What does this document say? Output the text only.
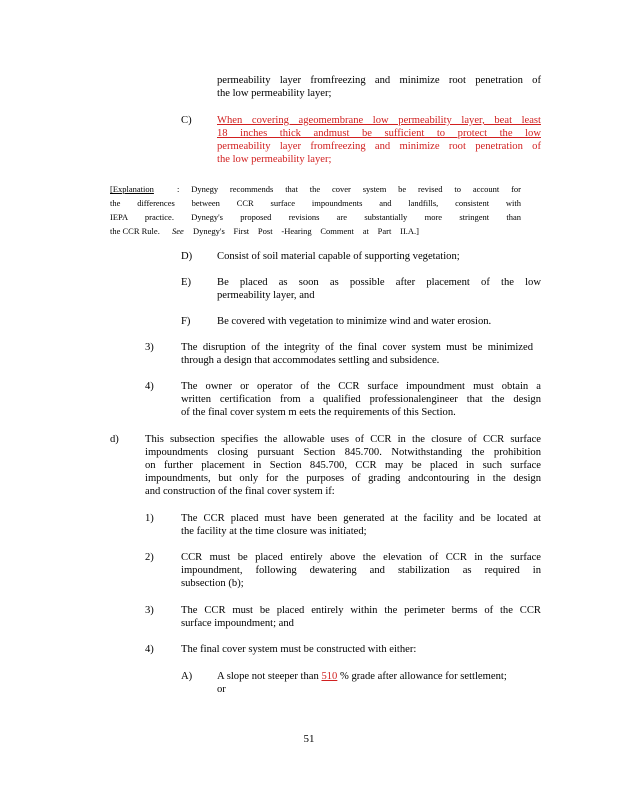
permeability layer fromfreezing and minimize root penetration of
the low permeability layer;
C) When covering ageomembrane low permeability layer, beat least
18 inches thick andmust be sufficient to protect the low
permeability layer fromfreezing and minimize root penetration of
the low permeability layer;
[Explanation	: Dynegy recommends that the cover system be revised to account for
the differences between CCR surface impoundments and landfills, consistent with
IEPA practice. Dynegy's proposed revisions are substantially more stringent than
the CCR Rule. See Dynegy's First Post -Hearing Comment at Part II.A.]
D) Consist of soil material capable of supporting vegetation;
E) Be placed as soon as possible after placement of the low
permeability layer, and
F)	Be covered with vegetation to minimize wind and water erosion.
3)	The disruption of the integrity of the final cover system must be minimized
through a design that accommodates settling and subsidence.
4)	The owner or operator of the CCR surface impoundment must obtain a
written certification from a qualified professionalengineer that the design
of the final cover system m eets the requirements of this Section.
d) This subsection specifies the allowable uses of CCR in the closure of CCR surface
impoundments closing pursuant Section 845.700. Notwithstanding the prohibition
on further placement in Section 845.700, CCR may be placed in such surface
impoundments, but only for the purposes of grading andcontouring in the design
and construction of the final cover system if:
1)	The CCR placed must have been generated at the facility and be located at
the facility at the time closure was initiated;
2)	CCR must be placed entirely above the elevation of CCR in the surface
impoundment, following dewatering and stabilization as required in
subsection (b);
3)	The CCR must be placed entirely within the perimeter berms of the CCR
surface impoundment; and
4)	The final cover system must be constructed with either:
A) A slope not steeper than 510 % grade after allowance for settlement;
or
51
